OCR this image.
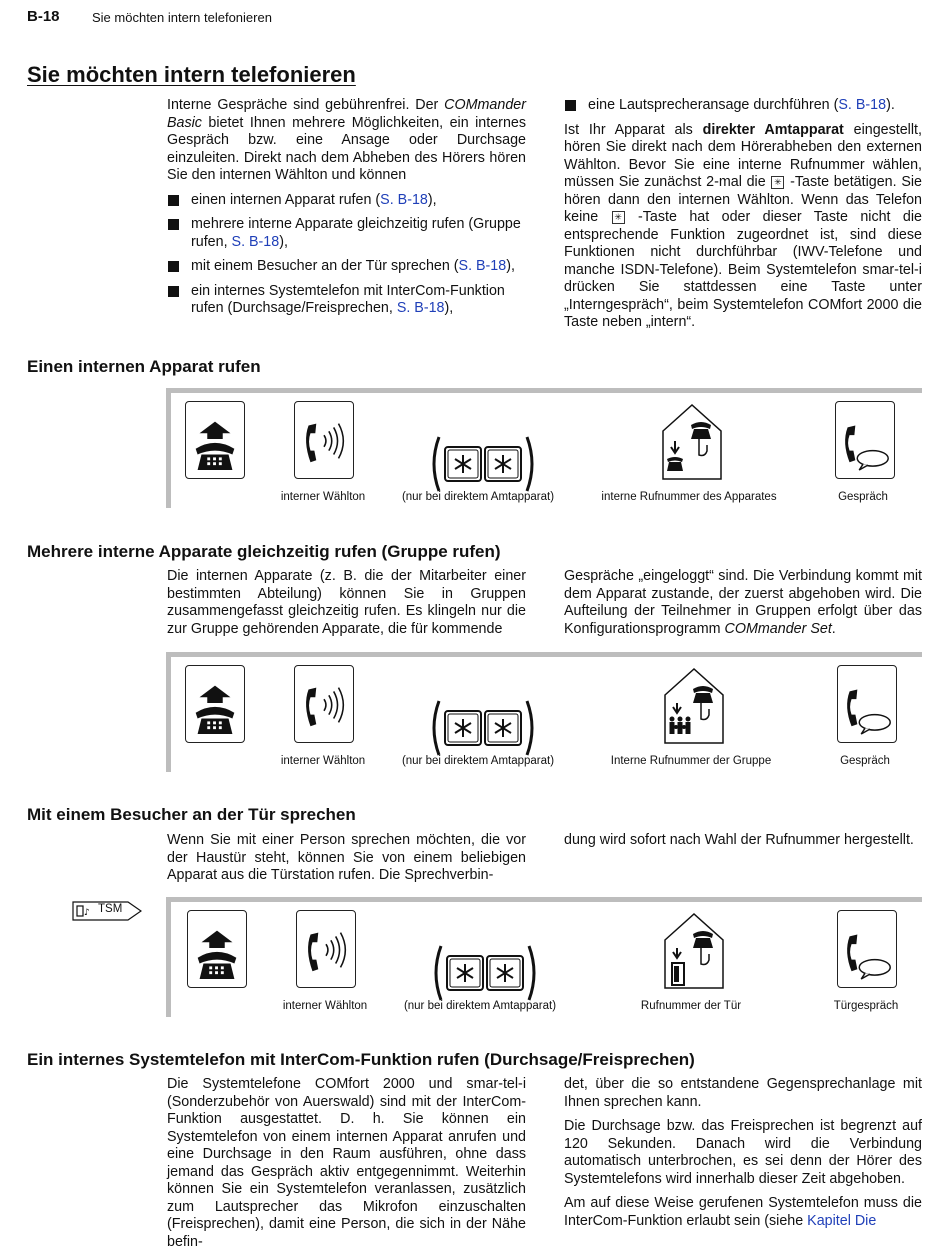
B-18 Sie möchten intern telefonieren
Sie möchten intern telefonieren

Interne Gespräche sind gebührenfrei. Der COMmander Basic bietet Ihnen mehrere Möglichkeiten, ein internes Gespräch bzw. eine Ansage oder Durchsage einzuleiten. Direkt nach dem Abheben des Hörers hören Sie den internen Wählton und können

einen internen Apparat rufen (S. B-18),
mehrere interne Apparate gleichzeitig rufen (Gruppe rufen, S. B-18),
mit einem Besucher an der Tür sprechen (S. B-18),
ein internes Systemtelefon mit InterCom-Funktion rufen (Durchsage/Freisprechen, S. B-18),
eine Lautsprecheransage durchführen (S. B-18).

Ist Ihr Apparat als direkter Amtapparat eingestellt, hören Sie direkt nach dem Hörerabheben den externen Wählton. Bevor Sie eine interne Rufnummer wählen, müssen Sie zunächst 2-mal die ✳ -Taste betätigen. Sie hören dann den internen Wählton. Wenn das Telefon keine ✳ -Taste hat oder dieser Taste nicht die entsprechende Funktion zugeordnet ist, sind diese Funktionen nicht durchführbar (IWV-Telefone und manche ISDN-Telefone). Beim Systemtelefon smar-tel-i drücken Sie stattdessen eine Taste unter „Interngespräch“, beim Systemtelefon COMfort 2000 die Taste neben „intern“.

Einen internen Apparat rufen
interner Wählton	(nur bei direktem Amtapparat)	interne Rufnummer des Apparates	Gespräch
Mehrere interne Apparate gleichzeitig rufen (Gruppe rufen)

Die internen Apparate (z. B. die der Mitarbeiter einer bestimmten Abteilung) können Sie in Gruppen zusammengefasst gleichzeitig rufen. Es klingeln nur die zur Gruppe gehörenden Apparate, die für kommende

Gespräche „eingeloggt“ sind. Die Verbindung kommt mit dem Apparat zustande, der zuerst abgehoben wird. Die Aufteilung der Teilnehmer in Gruppen erfolgt über das Konfigurationsprogramm COMmander Set.

interner Wählton	(nur bei direktem Amtapparat)	Interne Rufnummer der Gruppe	Gespräch
Mit einem Besucher an der Tür sprechen

Wenn Sie mit einer Person sprechen möchten, die vor der Haustür steht, können Sie von einem beliebigen Apparat aus die Türstation rufen. Die Sprechverbin-

dung wird sofort nach Wahl der Rufnummer hergestellt.

♪ TSM
interner Wählton	(nur bei direktem Amtapparat)	Rufnummer der Tür	Türgespräch
Ein internes Systemtelefon mit InterCom-Funktion rufen (Durchsage/Freisprechen)

Die Systemtelefone COMfort 2000 und smar-tel-i (Sonderzubehör von Auerswald) sind mit der InterCom-Funktion ausgestattet. D. h. Sie können ein Systemtelefon von einem internen Apparat anrufen und eine Durchsage in den Raum ausführen, ohne dass jemand das Gespräch aktiv entgegennimmt. Weiterhin können Sie ein Systemtelefon veranlassen, zusätzlich zum Lautsprecher das Mikrofon einzuschalten (Freisprechen), damit eine Person, die sich in der Nähe befin-

det, über die so entstandene Gegensprechanlage mit Ihnen sprechen kann.

Die Durchsage bzw. das Freisprechen ist begrenzt auf 120 Sekunden. Danach wird die Verbindung automatisch unterbrochen, es sei denn der Hörer des Systemtelefons wird innerhalb dieser Zeit abgehoben.

Am auf diese Weise gerufenen Systemtelefon muss die InterCom-Funktion erlaubt sein (siehe Kapitel Die
